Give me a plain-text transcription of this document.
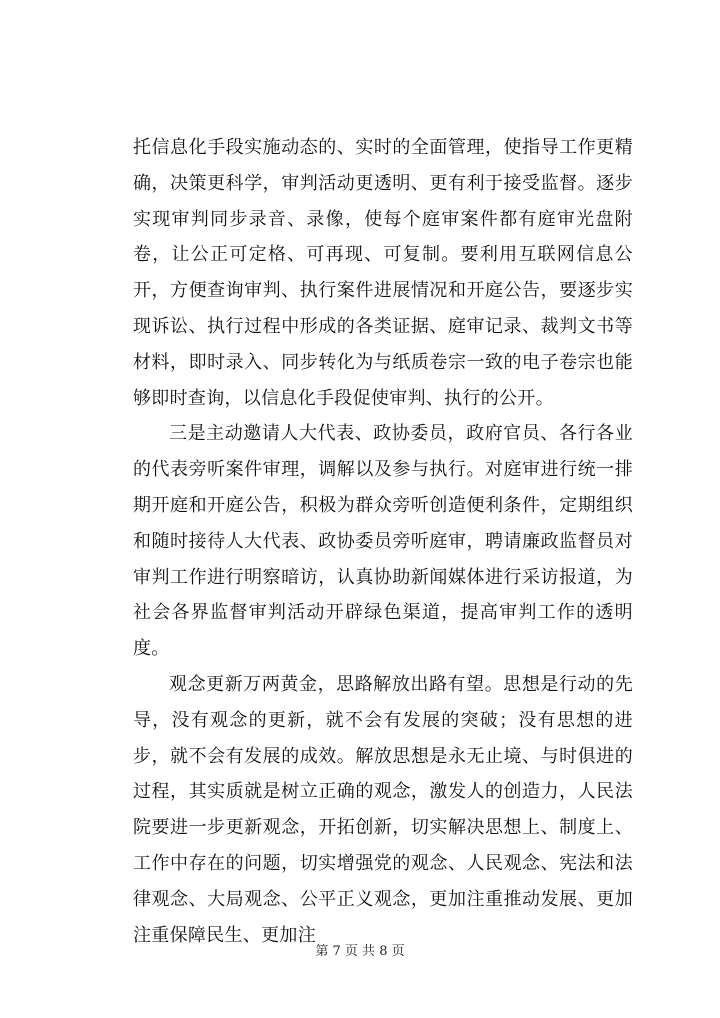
托信息化手段实施动态的、实时的全面管理，使指导工作更精确，决策更科学，审判活动更透明、更有利于接受监督。逐步实现审判同步录音、录像，使每个庭审案件都有庭审光盘附卷，让公正可定格、可再现、可复制。要利用互联网信息公开，方便查询审判、执行案件进展情况和开庭公告，要逐步实现诉讼、执行过程中形成的各类证据、庭审记录、裁判文书等材料，即时录入、同步转化为与纸质卷宗一致的电子卷宗也能够即时查询，以信息化手段促使审判、执行的公开。

三是主动邀请人大代表、政协委员，政府官员、各行各业的代表旁听案件审理，调解以及参与执行。对庭审进行统一排期开庭和开庭公告，积极为群众旁听创造便利条件，定期组织和随时接待人大代表、政协委员旁听庭审，聘请廉政监督员对审判工作进行明察暗访，认真协助新闻媒体进行采访报道，为社会各界监督审判活动开辟绿色渠道，提高审判工作的透明度。

观念更新万两黄金，思路解放出路有望。思想是行动的先导，没有观念的更新，就不会有发展的突破；没有思想的进步，就不会有发展的成效。解放思想是永无止境、与时俱进的过程，其实质就是树立正确的观念，激发人的创造力，人民法院要进一步更新观念，开拓创新，切实解决思想上、制度上、工作中存在的问题，切实增强党的观念、人民观念、宪法和法律观念、大局观念、公平正义观念，更加注重推动发展、更加注重保障民生、更加注

第 7 页 共 8 页
